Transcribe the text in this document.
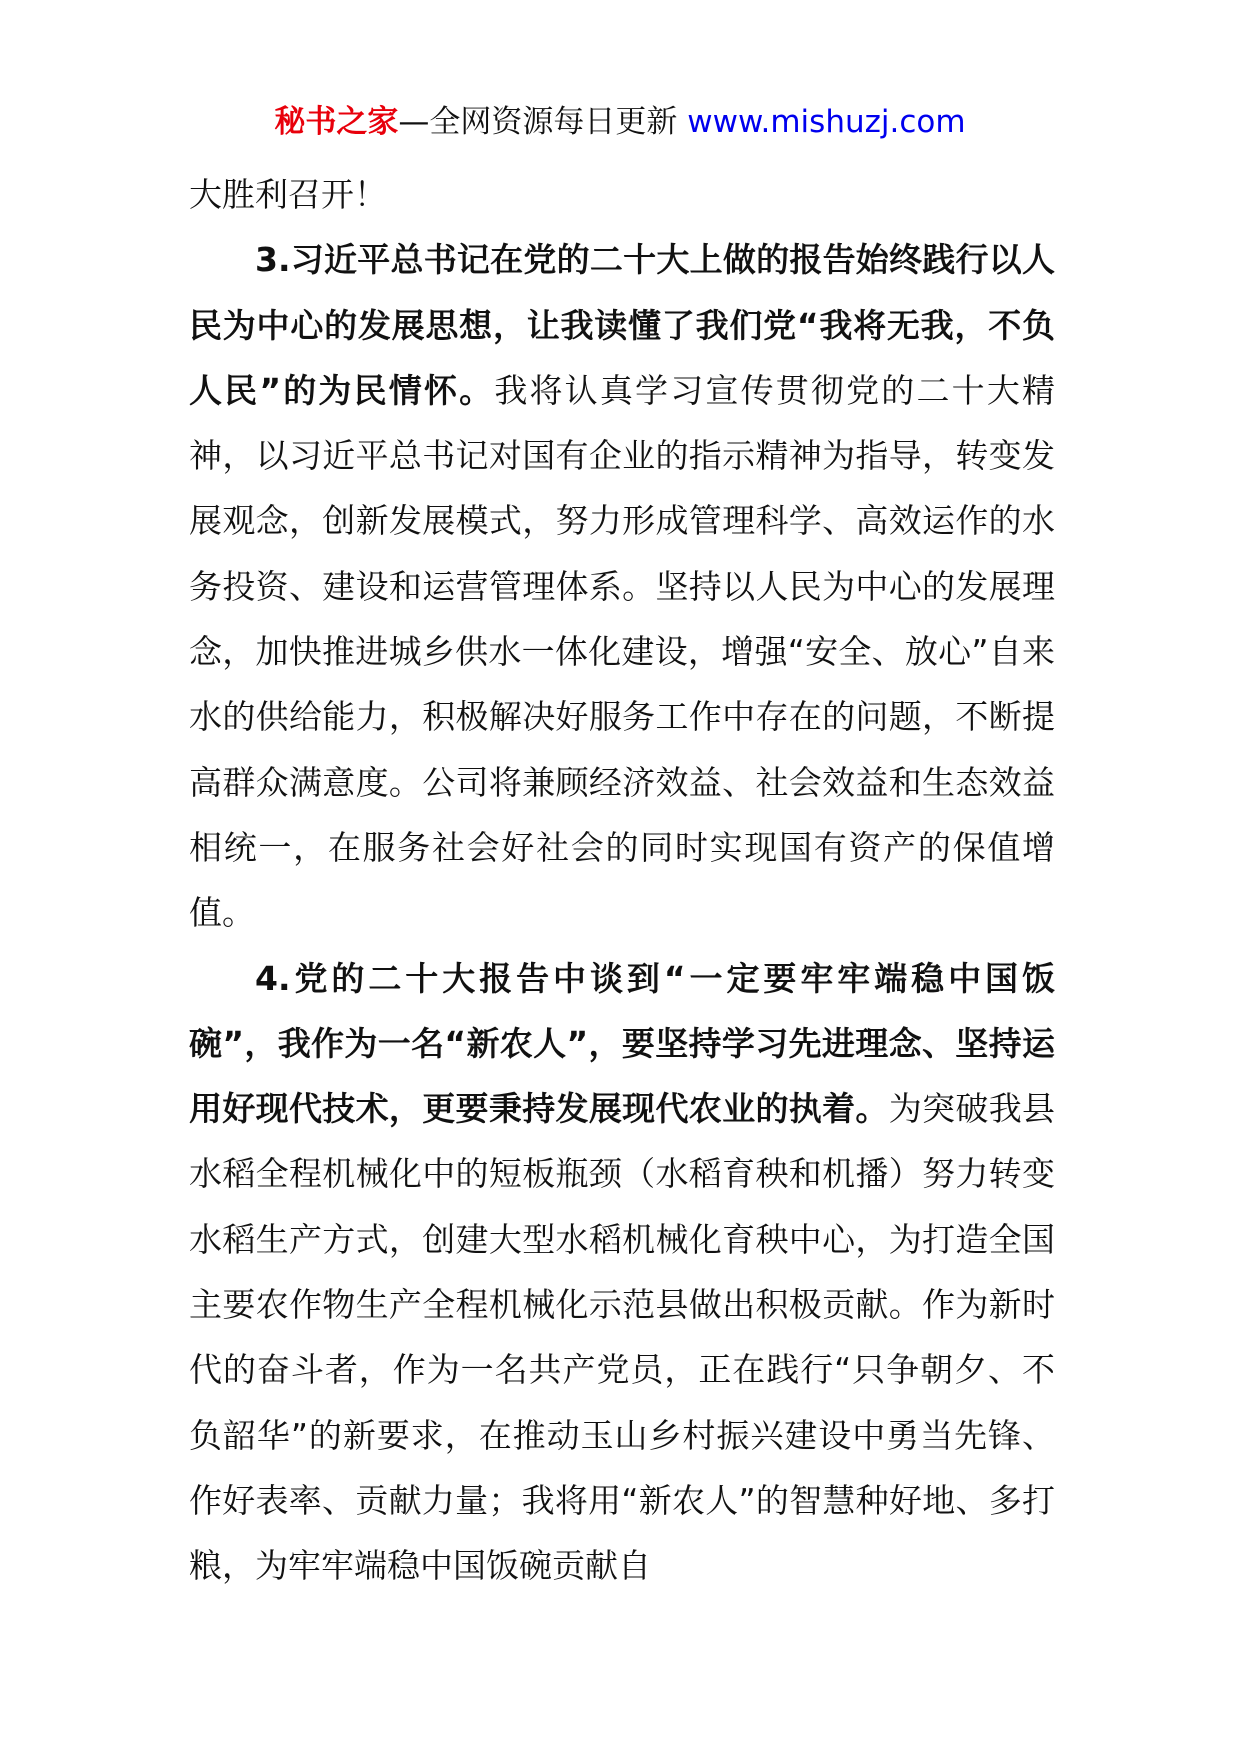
秘书之家—全网资源每日更新 www.mishuzj.com

大胜利召开！

3.习近平总书记在党的二十大上做的报告始终践行以人民为中心的发展思想，让我读懂了我们党“我将无我，不负人民”的为民情怀。我将认真学习宣传贯彻党的二十大精神，以习近平总书记对国有企业的指示精神为指导，转变发展观念，创新发展模式，努力形成管理科学、高效运作的水务投资、建设和运营管理体系。坚持以人民为中心的发展理念，加快推进城乡供水一体化建设，增强“安全、放心”自来水的供给能力，积极解决好服务工作中存在的问题，不断提高群众满意度。公司将兼顾经济效益、社会效益和生态效益相统一，在服务社会好社会的同时实现国有资产的保值增值。

4.党的二十大报告中谈到“一定要牢牢端稳中国饭碗”，我作为一名“新农人”，要坚持学习先进理念、坚持运用好现代技术，更要秉持发展现代农业的执着。为突破我县水稻全程机械化中的短板瓶颈（水稻育秧和机播）努力转变水稻生产方式，创建大型水稻机械化育秧中心，为打造全国主要农作物生产全程机械化示范县做出积极贡献。作为新时代的奋斗者，作为一名共产党员，正在践行“只争朝夕、不负韶华”的新要求，在推动玉山乡村振兴建设中勇当先锋、作好表率、贡献力量；我将用“新农人”的智慧种好地、多打粮，为牢牢端稳中国饭碗贡献自
